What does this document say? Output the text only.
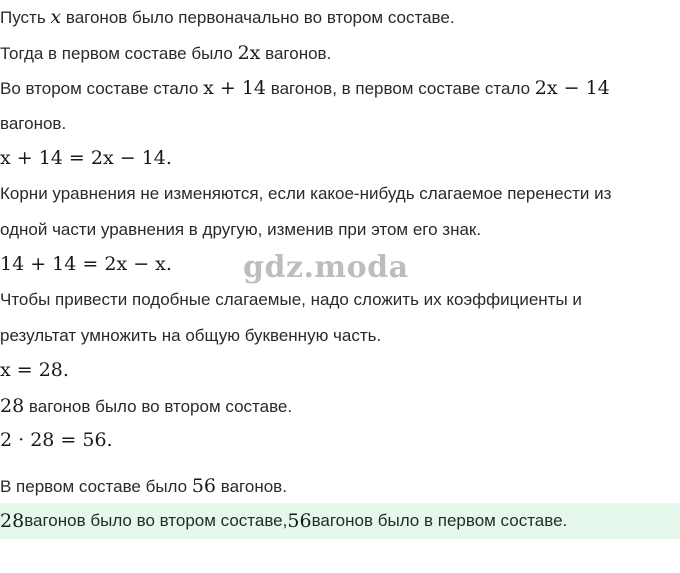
Пусть x вагонов было первоначально во втором составе.
Тогда в первом составе было 2x вагонов.
Во втором составе стало x + 14 вагонов, в первом составе стало 2x − 14
вагонов.
x + 14 = 2x − 14.
Корни уравнения не изменяются, если какое-нибудь слагаемое перенести из
одной части уравнения в другую, изменив при этом его знак.
14 + 14 = 2x − x. gdz.moda
Чтобы привести подобные слагаемые, надо сложить их коэффициенты и
результат умножить на общую буквенную часть.
x = 28.
28 вагонов было во втором составе.
2 · 28 = 56.
В первом составе было 56 вагонов.
28 вагонов было во втором составе, 56 вагонов было в первом составе.
